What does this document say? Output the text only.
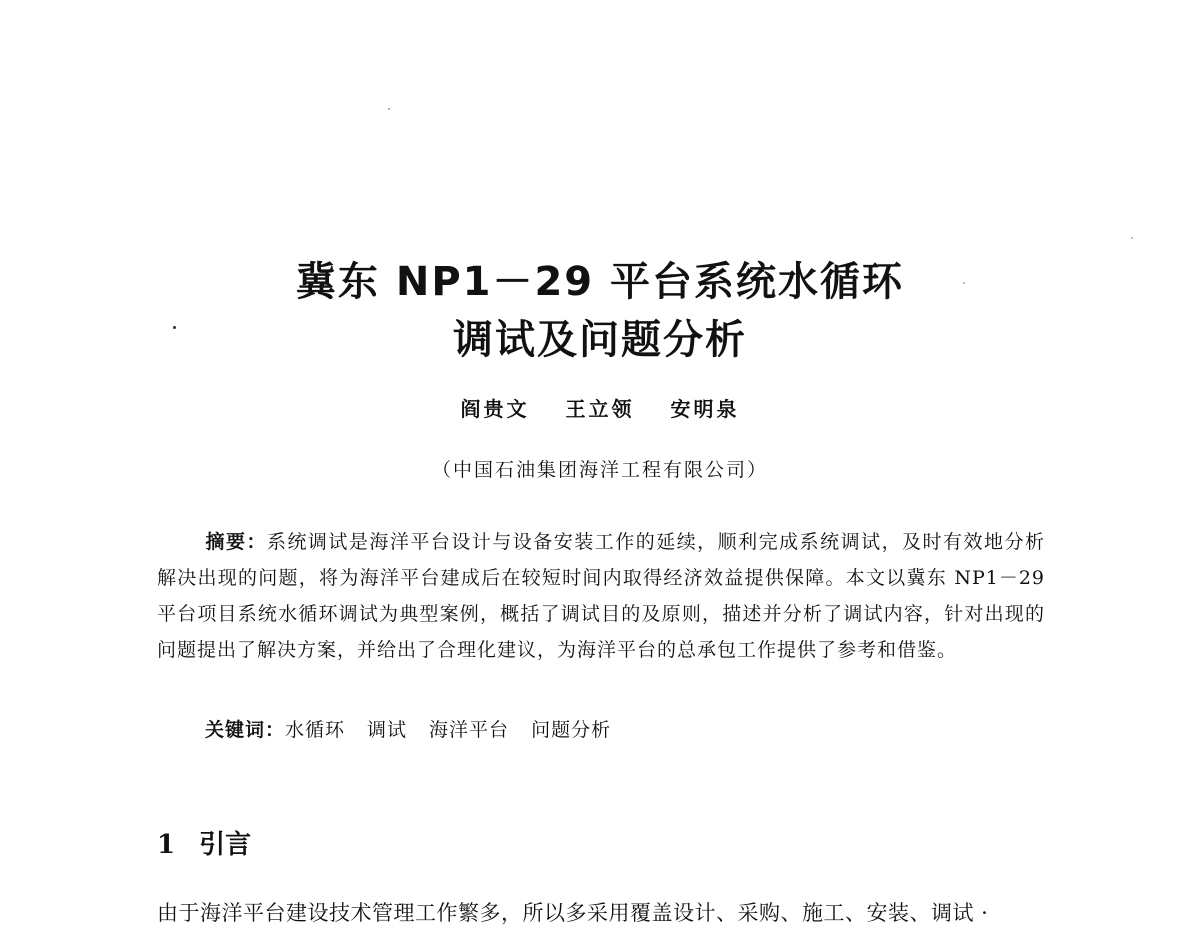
冀东 NP1－29 平台系统水循环
调试及问题分析
阎贵文 王立领 安明泉
（中国石油集团海洋工程有限公司）
摘要：系统调试是海洋平台设计与设备安装工作的延续，顺利完成系统调试，及时有效地分析解决出现的问题，将为海洋平台建成后在较短时间内取得经济效益提供保障。本文以冀东 NP1－29 平台项目系统水循环调试为典型案例，概括了调试目的及原则，描述并分析了调试内容，针对出现的问题提出了解决方案，并给出了合理化建议，为海洋平台的总承包工作提供了参考和借鉴。
关键词：水循环 调试 海洋平台 问题分析
1 引言
由于海洋平台建设技术管理工作繁多，所以多采用覆盖设计、采购、施工、安装、调试 ·
